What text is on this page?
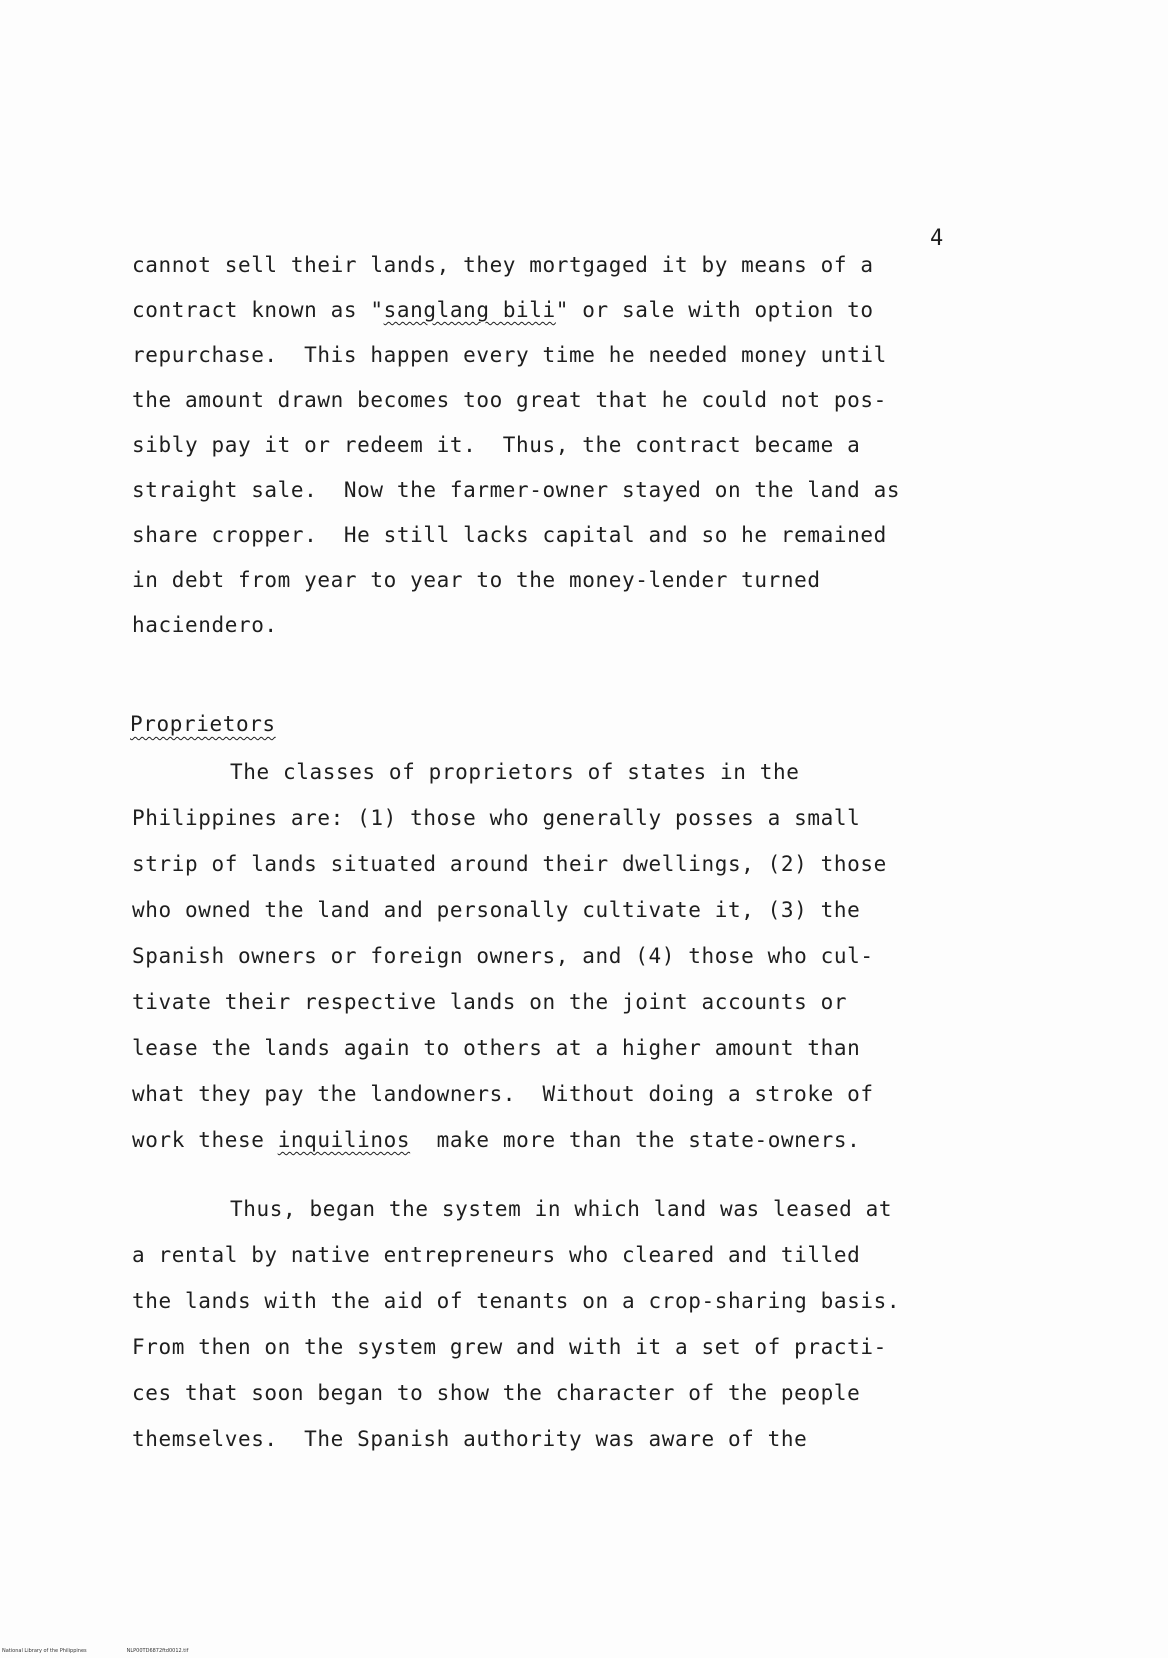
4
cannot sell their lands, they mortgaged it by means of a
contract known as "sanglang bili" or sale with option to
repurchase.  This happen every time he needed money until
the amount drawn becomes too great that he could not pos-
sibly pay it or redeem it.  Thus, the contract became a
straight sale.  Now the farmer-owner stayed on the land as
share cropper.  He still lacks capital and so he remained
in debt from year to year to the money-lender turned
haciendero.
Proprietors
The classes of proprietors of states in the
Philippines are: (1) those who generally posses a small
strip of lands situated around their dwellings, (2) those
who owned the land and personally cultivate it, (3) the
Spanish owners or foreign owners, and (4) those who cul-
tivate their respective lands on the joint accounts or
lease the lands again to others at a higher amount than
what they pay the landowners.  Without doing a stroke of
work these inquilinos  make more than the state-owners.
Thus, began the system in which land was leased at
a rental by native entrepreneurs who cleared and tilled
the lands with the aid of tenants on a crop-sharing basis.
From then on the system grew and with it a set of practi-
ces that soon began to show the character of the people
themselves.  The Spanish authority was aware of the
National Library of the Philippines	NLP00TD6872ftd0012.tif
